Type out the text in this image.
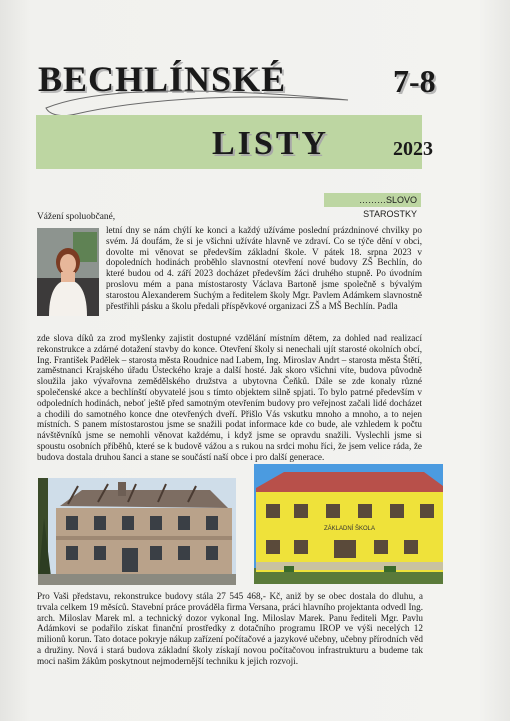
BECHLÍNSKÉ	7-8
LISTY	2023
………SLOVO STAROSTKY
Vážení spoluobčané,
letní dny se nám chýlí ke konci a každý užíváme poslední prázdninové chvilky po svém. Já doufám, že si je všichni užíváte hlavně ve zdraví. Co se týče dění v obci, dovolte mi věnovat se především základní škole. V pátek 18. srpna 2023 v dopoledních hodinách proběhlo slavnostní otevření nové budovy ZŠ Bechlín, do které budou od 4. září 2023 docházet především žáci druhého stupně. Po úvodním proslovu mém a pana místostarosty Václava Bartoně jsme společně s bývalým starostou Alexanderem Suchým a ředitelem školy Mgr. Pavlem Adámkem slavnostně přestřihli pásku a školu předali příspěvkové organizaci ZŠ a MŠ Bechlín. Padla
zde slova díků za zrod myšlenky zajistit dostupné vzdělání místním dětem, za dohled nad realizací rekonstrukce a zdárné dotažení stavby do konce. Otevření školy si nenechali ujít starosté okolních obcí, Ing. František Padělek – starosta města Roudnice nad Labem, Ing. Miroslav Andrt – starosta města Štětí, zaměstnanci Krajského úřadu Ústeckého kraje a další hosté. Jak skoro všichni víte, budova původně sloužila jako vývařovna zemědělského družstva a ubytovna Čeňků. Dále se zde konaly různé společenské akce a bechlínští obyvatelé jsou s tímto objektem silně spjati. To bylo patrné především v odpoledních hodinách, neboť ještě před samotným otevřením budovy pro veřejnost začali lidé docházet a chodili do samotného konce dne otevřených dveří. Přišlo Vás vskutku mnoho a mnoho, a to nejen místních. S panem místostarostou jsme se snažili podat informace kde co bude, ale vzhledem k počtu návštěvníků jsme se nemohli věnovat každému, i když jsme se opravdu snažili. Vyslechli jsme si spoustu osobních příběhů, které se k budově vážou a s rukou na srdci mohu říci, že jsem velice ráda, že budova dostala druhou šanci a stane se součástí naší obce i pro další generace.
ZÁKLADNÍ ŠKOLA
Pro Vaši představu, rekonstrukce budovy stála 27 545 468,- Kč, aniž by se obec dostala do dluhu, a trvala celkem 19 měsíců. Stavební práce prováděla firma Versana, práci hlavního projektanta odvedl Ing. arch. Miloslav Marek ml. a technický dozor vykonal Ing. Miloslav Marek. Panu řediteli Mgr. Pavlu Adámkovi se podařilo získat finanční prostředky z dotačního programu IROP ve výši necelých 12 milionů korun. Tato dotace pokryje nákup zařízení počítačové a jazykové učebny, učebny přírodních věd a družiny. Nová i stará budova základní školy získají novou počítačovou infrastrukturu a budeme tak moci našim žákům poskytnout nejmodernější techniku k jejich rozvoji.
